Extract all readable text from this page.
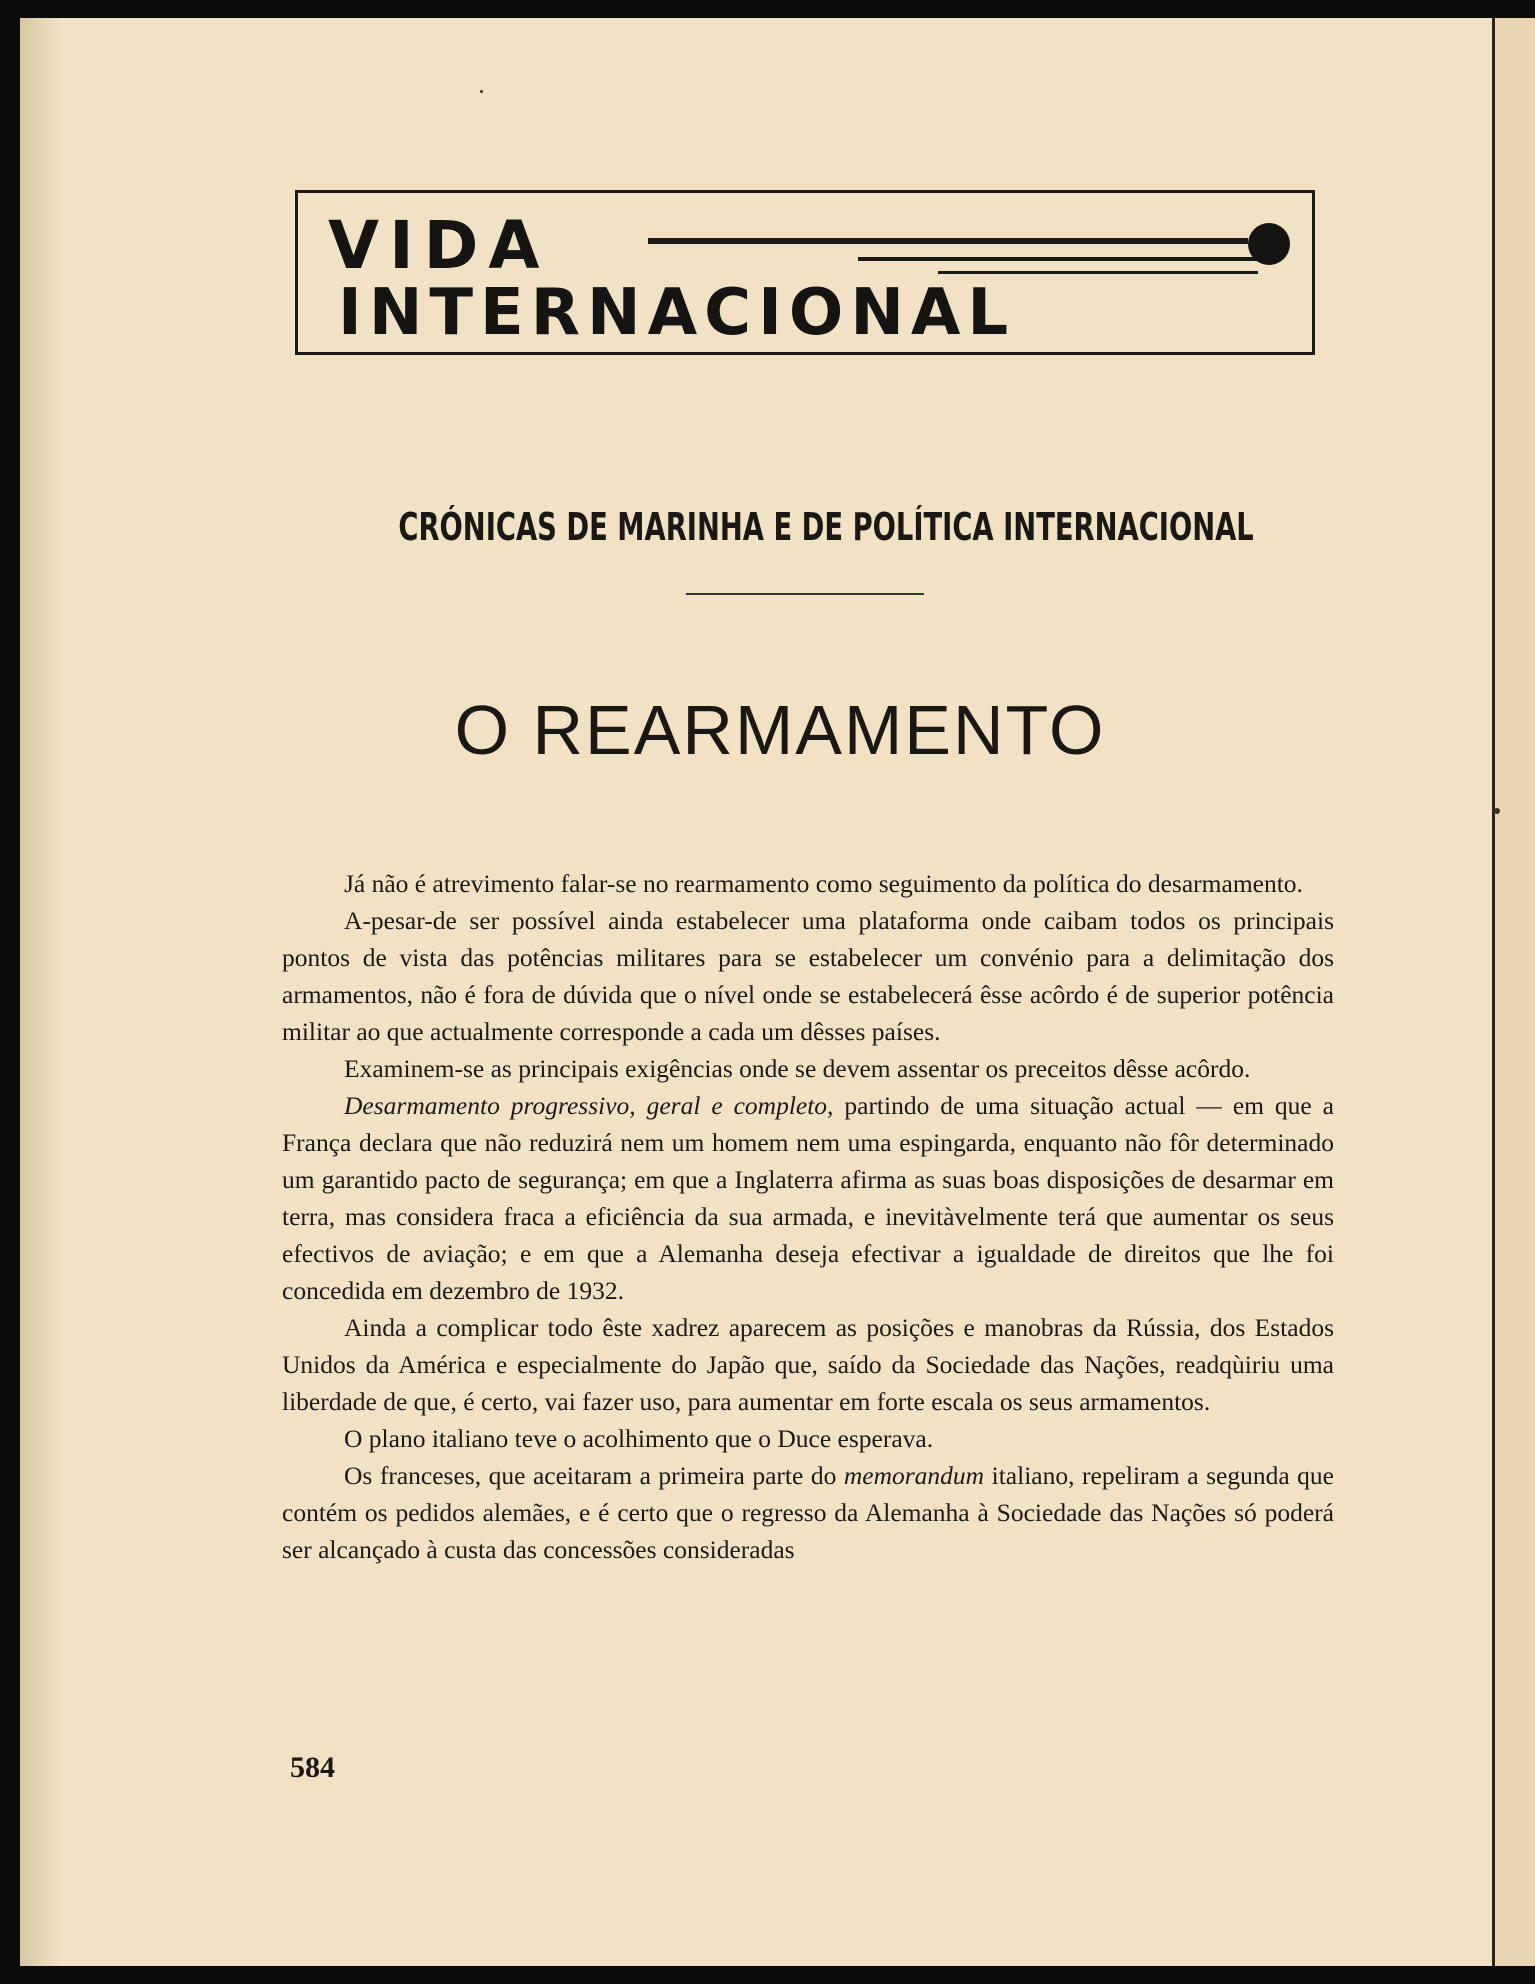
VIDA
INTERNACIONAL
CRÓNICAS DE MARINHA E DE POLÍTICA INTERNACIONAL
O REARMAMENTO

Já não é atrevimento falar-se no rearmamento como seguimento da política do desarmamento.

A-pesar-de ser possível ainda estabelecer uma plataforma onde caibam todos os principais pontos de vista das potências militares para se estabelecer um convénio para a delimitação dos armamentos, não é fora de dúvida que o nível onde se estabelecerá êsse acôrdo é de superior potência militar ao que actualmente corresponde a cada um dêsses países.

Examinem-se as principais exigências onde se devem assentar os preceitos dêsse acôrdo.

Desarmamento progressivo, geral e completo, partindo de uma situação actual — em que a França declara que não reduzirá nem um homem nem uma espingarda, enquanto não fôr determinado um garantido pacto de segurança; em que a Inglaterra afirma as suas boas disposições de desarmar em terra, mas considera fraca a eficiência da sua armada, e inevitàvelmente terá que aumentar os seus efectivos de aviação; e em que a Alemanha deseja efectivar a igualdade de direitos que lhe foi concedida em dezembro de 1932.

Ainda a complicar todo êste xadrez aparecem as posições e manobras da Rússia, dos Estados Unidos da América e especialmente do Japão que, saído da Sociedade das Nações, readqùiriu uma liberdade de que, é certo, vai fazer uso, para aumentar em forte escala os seus armamentos.

O plano italiano teve o acolhimento que o Duce esperava.

Os franceses, que aceitaram a primeira parte do memorandum italiano, repeliram a segunda que contém os pedidos alemães, e é certo que o regresso da Alemanha à Sociedade das Nações só poderá ser alcançado à custa das concessões consideradas

584
